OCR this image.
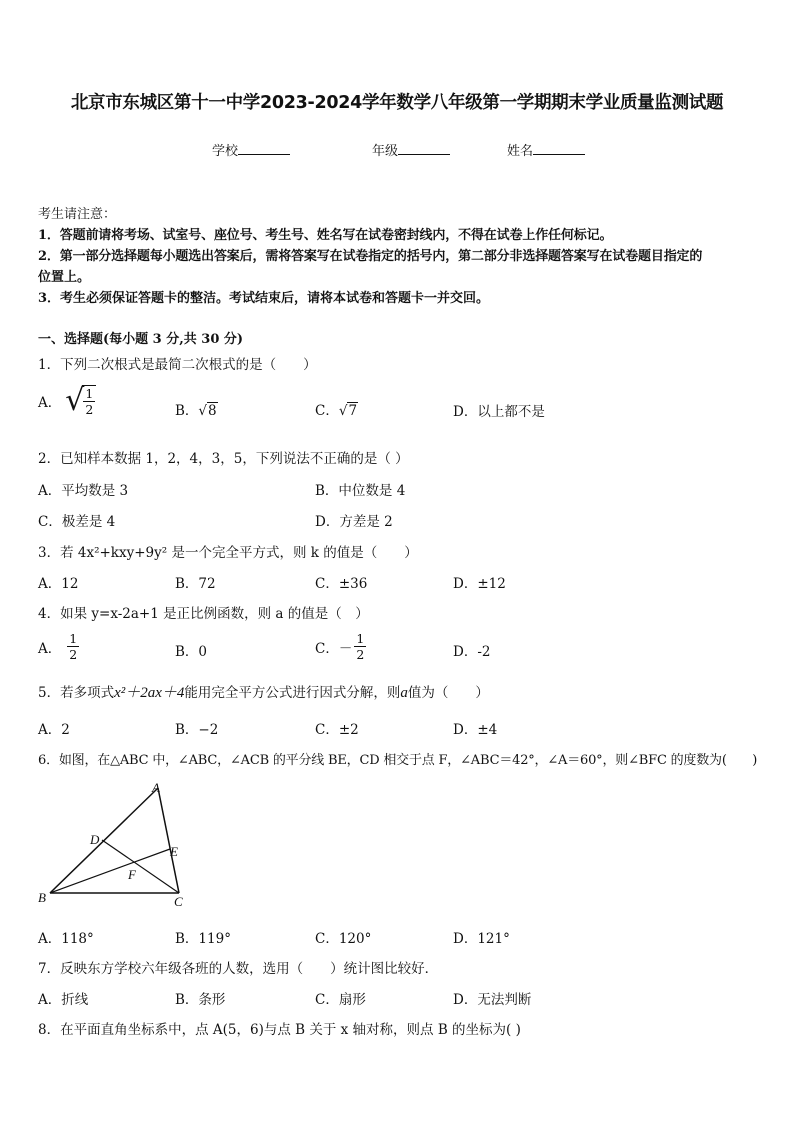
北京市东城区第十一中学2023-2024学年数学八年级第一学期期末学业质量监测试题
学校	年级	姓名
考生请注意：
1．答题前请将考场、试室号、座位号、考生号、姓名写在试卷密封线内，不得在试卷上作任何标记。
2．第一部分选择题每小题选出答案后，需将答案写在试卷指定的括号内，第二部分非选择题答案写在试卷题目指定的
位置上。
3．考生必须保证答题卡的整洁。考试结束后，请将本试卷和答题卡一并交回。
一、选择题(每小题 3 分,共 30 分)
1．下列二次根式是最简二次根式的是（　　）
A． √
$\frac{1}{2}$	B．√8	C．√7	D．以上都不是
2．已知样本数据 1，2，4，3，5，下列说法不正确的是（ ）
A．平均数是 3	B．中位数是 4
C．极差是 4	D．方差是 2
3．若 4x²+kxy+9y² 是一个完全平方式，则 k 的值是（　　）
A．12	B．72	C．±36	D．±12
4．如果 y=x-2a+1 是正比例函数，则 a 的值是（　）
A． $\frac{1}{2}$	B．0	C．－ $\frac{1}{2}$	D．-2
5．若多项式x²＋2ax＋4能用完全平方公式进行因式分解，则a值为（　　）
A．2	B．−2	C．±2	D．±4
6．如图，在△ABC 中，∠ABC，∠ACB 的平分线 BE，CD 相交于点 F，∠ABC＝42°，∠A＝60°，则∠BFC 的度数为(　　)
A
B	C
D
E
F
A．118°	B．119°	C．120°	D．121°
7．反映东方学校六年级各班的人数，选用（　　）统计图比较好．
A．折线	B．条形	C．扇形	D．无法判断
8．在平面直角坐标系中，点 A(5，6)与点 B 关于 x 轴对称，则点 B 的坐标为( )
